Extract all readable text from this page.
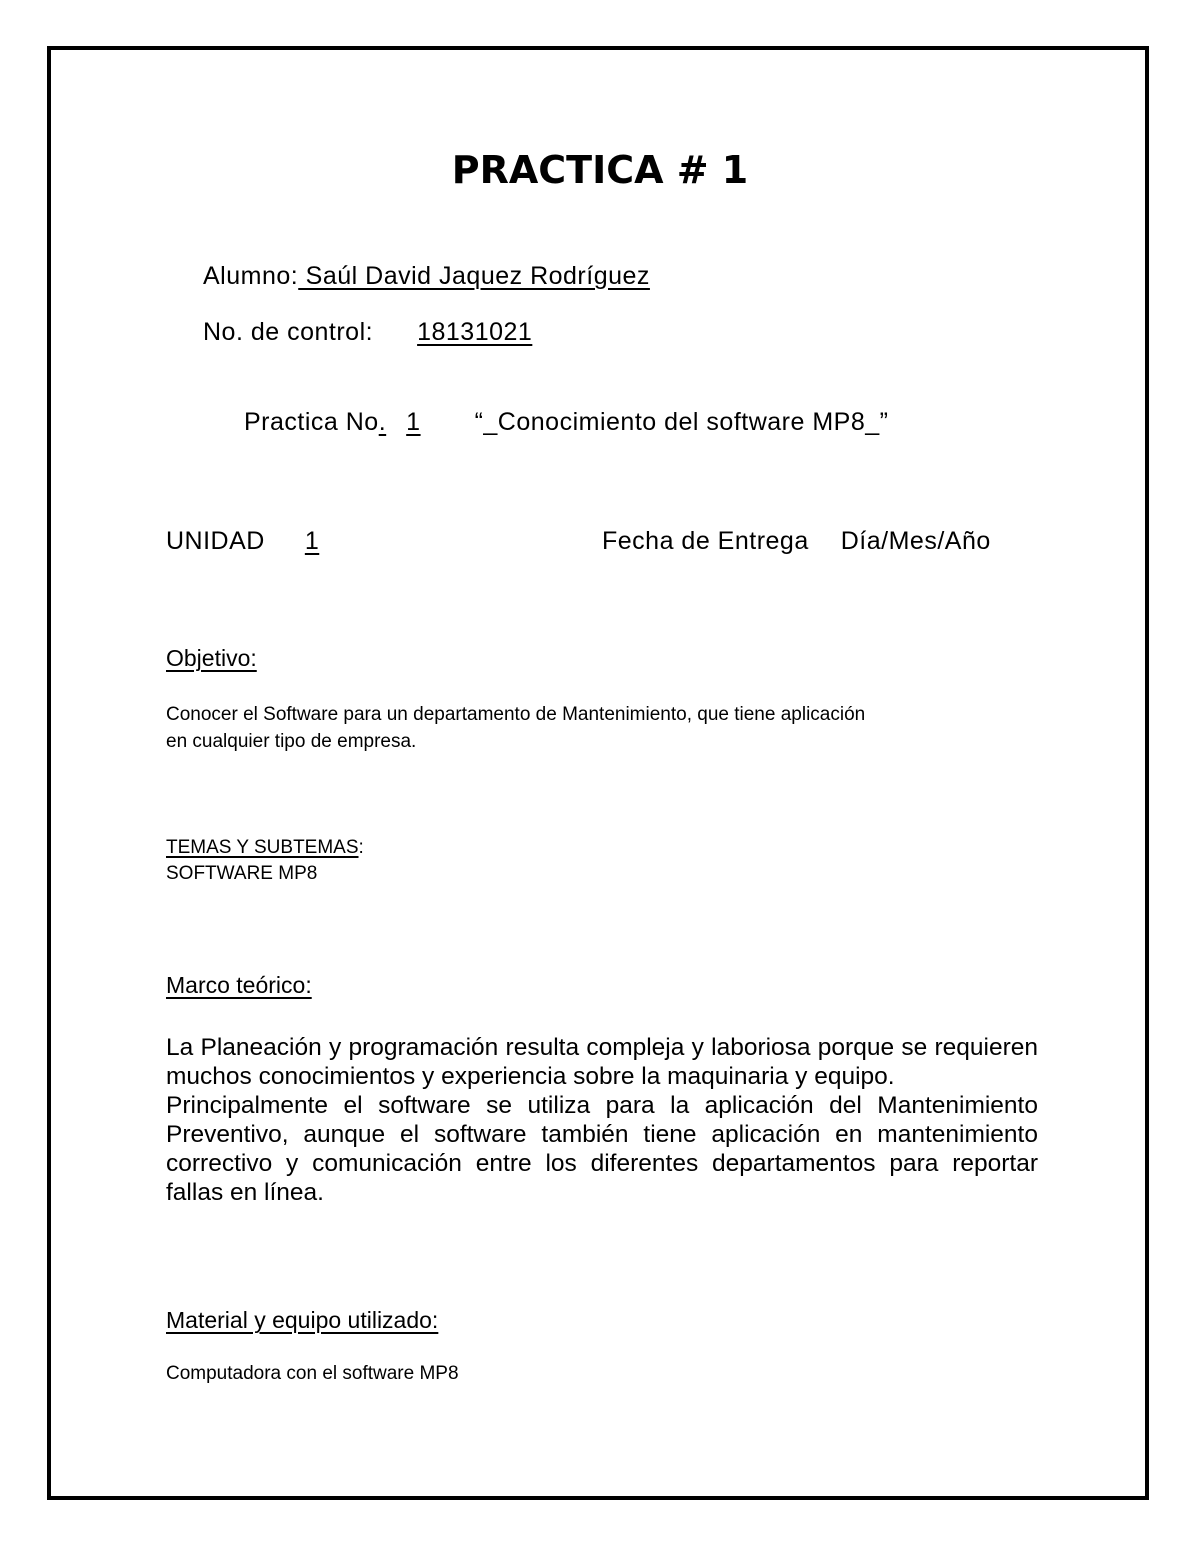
PRACTICA # 1
Alumno: Saúl David Jaquez Rodríguez
No. de control: 18131021
Practica No. 1 “_Conocimiento del software MP8_”
UNIDAD 1	Fecha de Entrega Día/Mes/Año
Objetivo:
Conocer el Software para un departamento de Mantenimiento, que tiene aplicación
en cualquier tipo de empresa.
TEMAS Y SUBTEMAS:
SOFTWARE MP8
Marco teórico:

La Planeación y programación resulta compleja y laboriosa porque se requieren muchos conocimientos y experiencia sobre la maquinaria y equipo.

Principalmente el software se utiliza para la aplicación del Mantenimiento Preventivo, aunque el software también tiene aplicación en mantenimiento correctivo y comunicación entre los diferentes departamentos para reportar fallas en línea.

Material y equipo utilizado:
Computadora con el software MP8
